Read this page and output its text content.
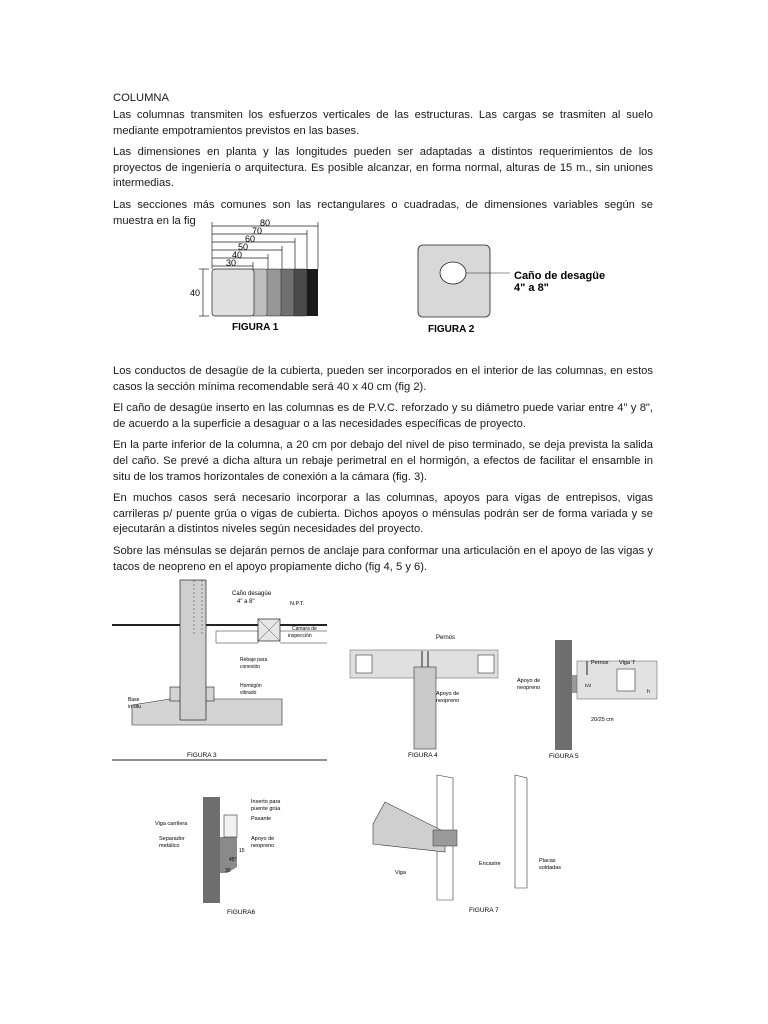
COLUMNA

Las columnas transmiten los esfuerzos verticales de las estructuras. Las cargas se trasmiten al suelo mediante empotramientos previstos en las bases.

Las dimensiones en planta y las longitudes pueden ser adaptadas a distintos requerimientos de los proyectos de ingeniería o arquitectura. Es posible alcanzar, en forma normal, alturas de 15 m., sin uniones intermedias.

Las secciones más comunes son las rectangulares o cuadradas, de dimensiones variables según se muestra en la fig	80
70
60
50
40
30
40
FIGURA 1
Caño de desagüe
4" a 8"
FIGURA 2

Los conductos de desagüe de la cubierta, pueden ser incorporados en el interior de las columnas, en estos casos la sección mínima recomendable será 40 x 40 cm (fig 2).

El caño de desagüe inserto en las columnas es de P.V.C. reforzado y su diámetro puede variar entre 4" y 8", de acuerdo a la superficie a desaguar o a las necesidades específicas de proyecto.

En la parte inferior de la columna, a 20 cm por debajo del nivel de piso terminado, se deja prevista la salida del caño. Se prevé a dicha altura un rebaje perimetral en el hormigón, a efectos de facilitar el ensamble in situ de los tramos horizontales de conexión a la cámara (fig. 3).

En muchos casos será necesario incorporar a las columnas, apoyos para vigas de entrepisos, vigas carrileras p/ puente grúa o vigas de cubierta. Dichos apoyos o ménsulas podrán ser de forma variada y se ejecutarán a distintos niveles según necesidades del proyecto.

Sobre las ménsulas se dejarán pernos de anclaje para conformar una articulación en el apoyo de las vigas y tacos de neopreno en el apoyo propiamente dicho (fig 4, 5 y 6).

Caño desagüe
4" a 8"	N.P.T.
Cámara de
inspección
Rebaje para
conexión
Hormigón
vibrado
Base
in situ
FIGURA 3
Pernos
Apoyo de
neopreno
FIGURA 4
Pernos Viga 'I'
Apoyo de
neopreno	h/2
h
20/25 cm
FIGURA 5
Inserto para
puente grúa
Viga carrilera
Pasante
Separador
metálico
Apoyo de
neopreno
15
45°
30
FIGURA6
Viga
Encastre	Placas
soldadas
FIGURA 7
